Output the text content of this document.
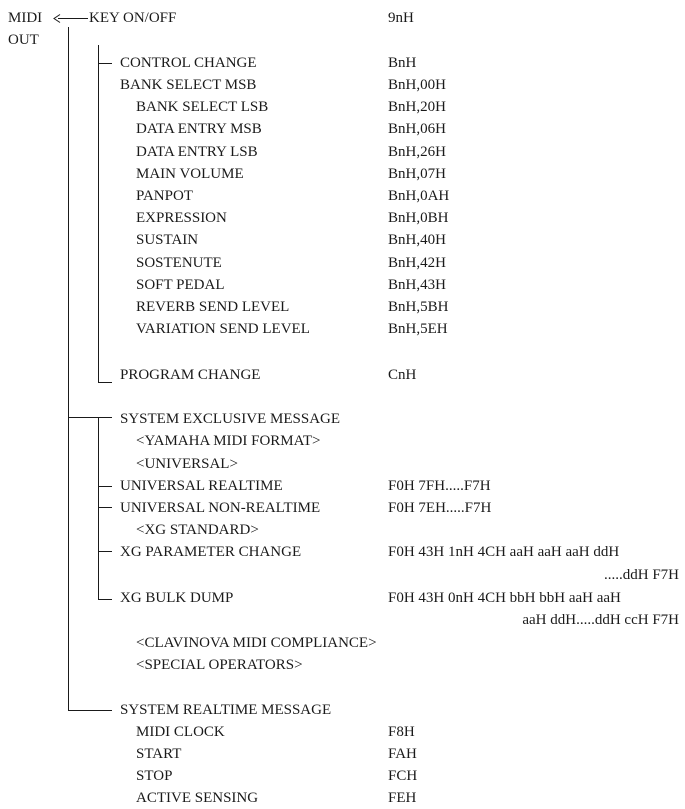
MIDI
OUT
KEY ON/OFF	9nH
CONTROL CHANGE	BnH
BANK SELECT MSB	BnH,00H
BANK SELECT LSB	BnH,20H
DATA ENTRY MSB	BnH,06H
DATA ENTRY LSB	BnH,26H
MAIN VOLUME	BnH,07H
PANPOT	BnH,0AH
EXPRESSION	BnH,0BH
SUSTAIN	BnH,40H
SOSTENUTE	BnH,42H
SOFT PEDAL	BnH,43H
REVERB SEND LEVEL	BnH,5BH
VARIATION SEND LEVEL	BnH,5EH
PROGRAM CHANGE	CnH
SYSTEM EXCLUSIVE MESSAGE
<YAMAHA MIDI FORMAT>
<UNIVERSAL>
UNIVERSAL REALTIME	F0H 7FH.....F7H
UNIVERSAL NON-REALTIME	F0H 7EH.....F7H
<XG STANDARD>
XG PARAMETER CHANGE	F0H 43H 1nH 4CH aaH aaH aaH ddH
.....ddH F7H
XG BULK DUMP	F0H 43H 0nH 4CH bbH bbH aaH aaH
aaH ddH.....ddH ccH F7H
<CLAVINOVA MIDI COMPLIANCE>
<SPECIAL OPERATORS>
SYSTEM REALTIME MESSAGE
MIDI CLOCK	F8H
START	FAH
STOP	FCH
ACTIVE SENSING	FEH
